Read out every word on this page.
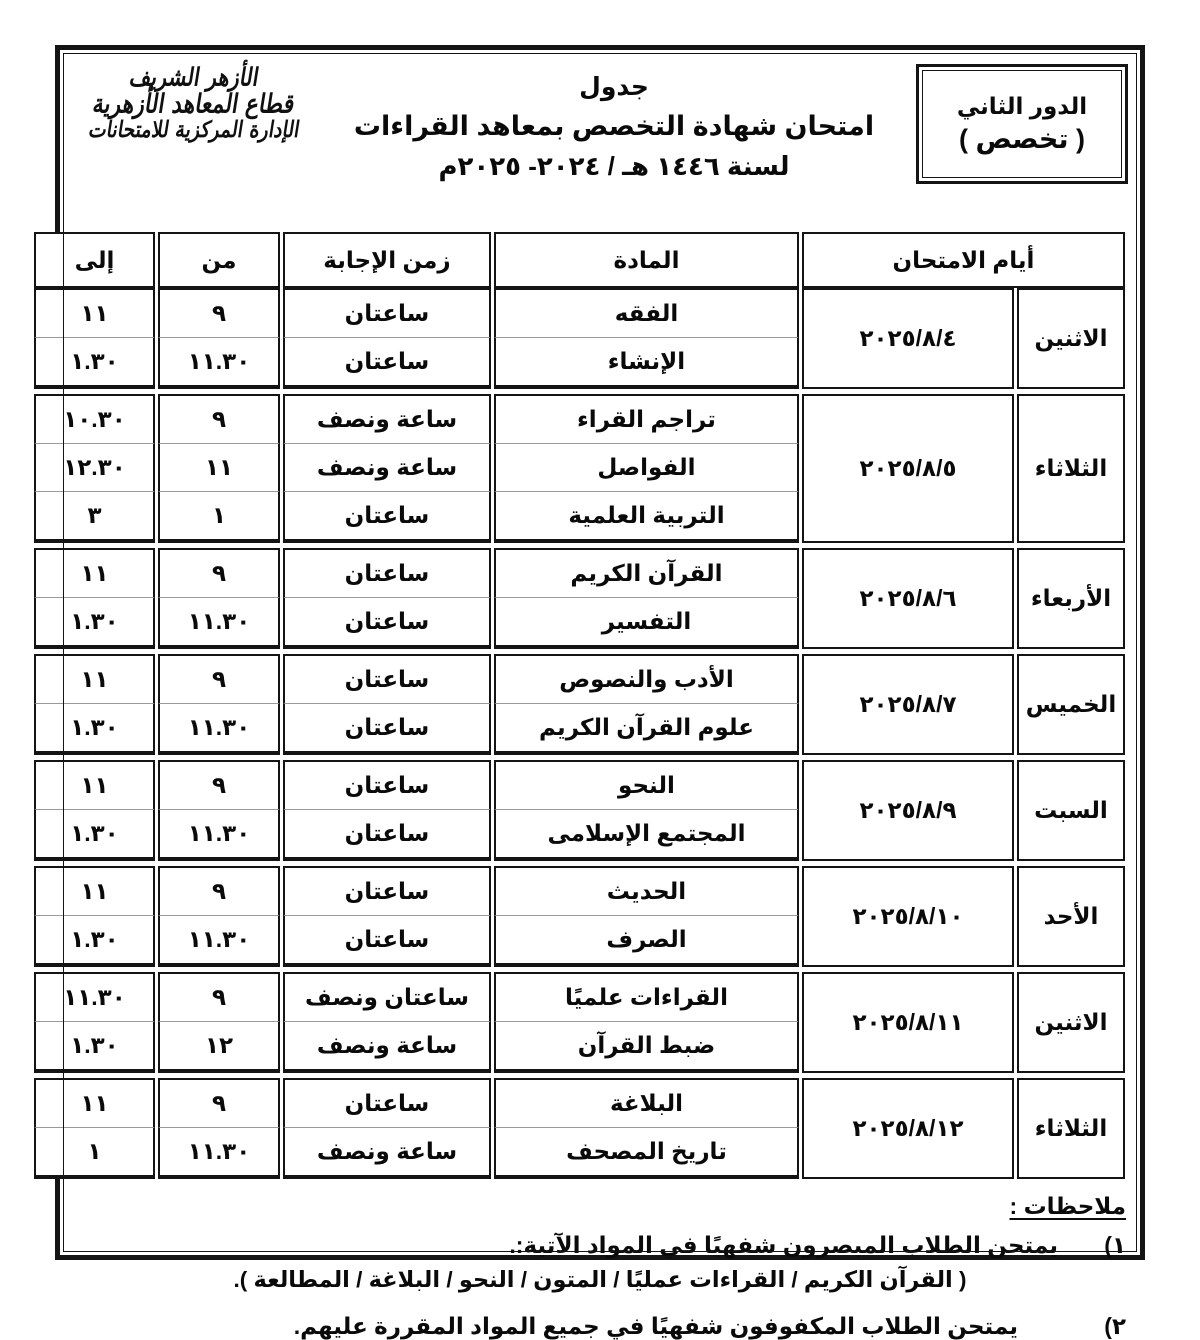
الدور الثاني
( تخصص )
جدول
امتحان شهادة التخصص بمعاهد القراءات
لسنة ١٤٤٦ هـ / ٢٠٢٤- ٢٠٢٥م
الأزهر الشريف
قطاع المعاهد الأزهرية
الإدارة المركزية للامتحانات
أيام الامتحان		المادة	زمن الإجابة	من	إلى
الاثنين	٢٠٢٥/٨/٤	الفقه	ساعتان	٩	١١
		الإنشاء	ساعتان	١١.٣٠	١.٣٠

الثلاثاء	٢٠٢٥/٨/٥	تراجم القراء	ساعة ونصف	٩	١٠.٣٠
		الفواصل	ساعة ونصف	١١	١٢.٣٠
		التربية العلمية	ساعتان	١	٣

الأربعاء	٢٠٢٥/٨/٦	القرآن الكريم	ساعتان	٩	١١
		التفسير	ساعتان	١١.٣٠	١.٣٠

الخميس	٢٠٢٥/٨/٧	الأدب والنصوص	ساعتان	٩	١١
		علوم القرآن الكريم	ساعتان	١١.٣٠	١.٣٠

السبت	٢٠٢٥/٨/٩	النحو	ساعتان	٩	١١
		المجتمع الإسلامى	ساعتان	١١.٣٠	١.٣٠

الأحد	٢٠٢٥/٨/١٠	الحديث	ساعتان	٩	١١
		الصرف	ساعتان	١١.٣٠	١.٣٠

الاثنين	٢٠٢٥/٨/١١	القراءات علميًا	ساعتان ونصف	٩	١١.٣٠
		ضبط القرآن	ساعة ونصف	١٢	١.٣٠

الثلاثاء	٢٠٢٥/٨/١٢	البلاغة	ساعتان	٩	١١
		تاريخ المصحف	ساعة ونصف	١١.٣٠	١
ملاحظات :
١)
يمتحن الطلاب المبصرون شفهيًا في المواد الآتية:.
( القرآن الكريم / القراءات عمليًا / المتون / النحو / البلاغة / المطالعة ).
٢)
يمتحن الطلاب المكفوفون شفهيًا في جميع المواد المقررة عليهم.
